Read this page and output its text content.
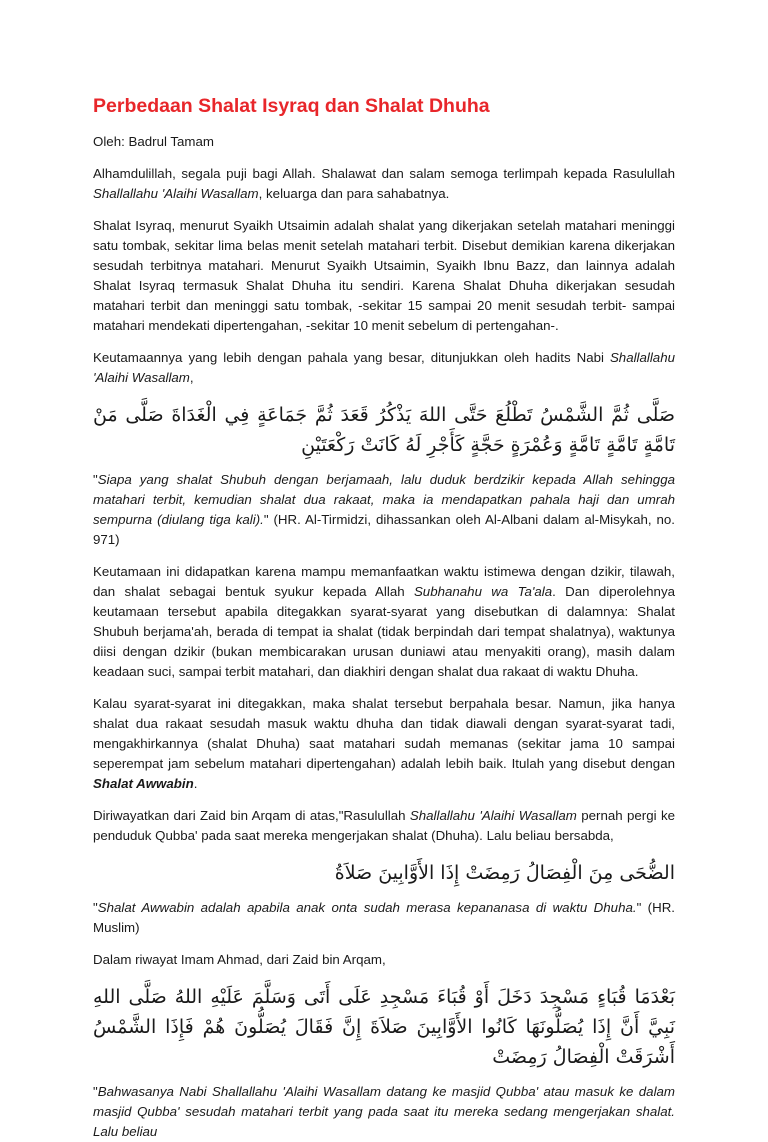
Perbedaan Shalat Isyraq dan Shalat Dhuha

Oleh: Badrul Tamam

Alhamdulillah, segala puji bagi Allah. Shalawat dan salam semoga terlimpah kepada Rasulullah Shallallahu 'Alaihi Wasallam, keluarga dan para sahabatnya.

Shalat Isyraq, menurut Syaikh Utsaimin adalah shalat yang dikerjakan setelah matahari meninggi satu tombak, sekitar lima belas menit setelah matahari terbit. Disebut demikian karena dikerjakan sesudah terbitnya matahari. Menurut Syaikh Utsaimin, Syaikh Ibnu Bazz, dan lainnya adalah Shalat Isyraq termasuk Shalat Dhuha itu sendiri. Karena Shalat Dhuha dikerjakan sesudah matahari terbit dan meninggi satu tombak, -sekitar 15 sampai 20 menit sesudah terbit- sampai matahari mendekati dipertengahan, -sekitar 10 menit sebelum di pertengahan-.

Keutamaannya yang lebih dengan pahala yang besar, ditunjukkan oleh hadits Nabi Shallallahu 'Alaihi Wasallam,

صَلَّى ثُمَّ الشَّمْسُ تَطْلُعَ حَتَّى اللهَ يَذْكُرُ قَعَدَ ثُمَّ جَمَاعَةٍ فِي الْغَدَاةَ صَلَّى مَنْ تَامَّةٍ تَامَّةٍ تَامَّةٍ وَعُمْرَةٍ حَجَّةٍ كَأَجْرِ لَهُ كَانَتْ رَكْعَتَيْنِ

"Siapa yang shalat Shubuh dengan berjamaah, lalu duduk berdzikir kepada Allah sehingga matahari terbit, kemudian shalat dua rakaat, maka ia mendapatkan pahala haji dan umrah sempurna (diulang tiga kali)." (HR. Al-Tirmidzi, dihassankan oleh Al-Albani dalam al-Misykah, no. 971)

Keutamaan ini didapatkan karena mampu memanfaatkan waktu istimewa dengan dzikir, tilawah, dan shalat sebagai bentuk syukur kepada Allah Subhanahu wa Ta'ala. Dan diperolehnya keutamaan tersebut apabila ditegakkan syarat-syarat yang disebutkan di dalamnya: Shalat Shubuh berjama'ah, berada di tempat ia shalat (tidak berpindah dari tempat shalatnya), waktunya diisi dengan dzikir (bukan membicarakan urusan duniawi atau menyakiti orang), masih dalam keadaan suci, sampai terbit matahari, dan diakhiri dengan shalat dua rakaat di waktu Dhuha.

Kalau syarat-syarat ini ditegakkan, maka shalat tersebut berpahala besar. Namun, jika hanya shalat dua rakaat sesudah masuk waktu dhuha dan tidak diawali dengan syarat-syarat tadi, mengakhirkannya (shalat Dhuha) saat matahari sudah memanas (sekitar jama 10 sampai seperempat jam sebelum matahari dipertengahan) adalah lebih baik. Itulah yang disebut dengan Shalat Awwabin.

Diriwayatkan dari Zaid bin Arqam di atas,"Rasulullah Shallallahu 'Alaihi Wasallam pernah pergi ke penduduk Qubba' pada saat mereka mengerjakan shalat (Dhuha). Lalu beliau bersabda,

الضُّحَى مِنَ الْفِصَالُ رَمِضَتْ إِذَا الأَوَّابِينَ صَلاَةُ

"Shalat Awwabin adalah apabila anak onta sudah merasa kepananasa di waktu Dhuha." (HR. Muslim)

Dalam riwayat Imam Ahmad, dari Zaid bin Arqam,

بَعْدَمَا قُبَاءٍ مَسْجِدَ دَخَلَ أَوْ قُبَاءَ مَسْجِدِ عَلَى أَتَى وَسَلَّمَ عَلَيْهِ اللهُ صَلَّى اللهِ نَبِيَّ أَنَّ إِذَا يُصَلُّونَهَا كَانُوا الأَوَّابِينَ صَلاَةَ إِنَّ فَقَالَ يُصَلُّونَ هُمْ فَإِذَا الشَّمْسُ أَشْرَقَتْ الْفِصَالُ رَمِضَتْ

"Bahwasanya Nabi Shallallahu 'Alaihi Wasallam datang ke masjid Qubba' atau masuk ke dalam masjid Qubba' sesudah matahari terbit yang pada saat itu mereka sedang mengerjakan shalat. Lalu beliau
